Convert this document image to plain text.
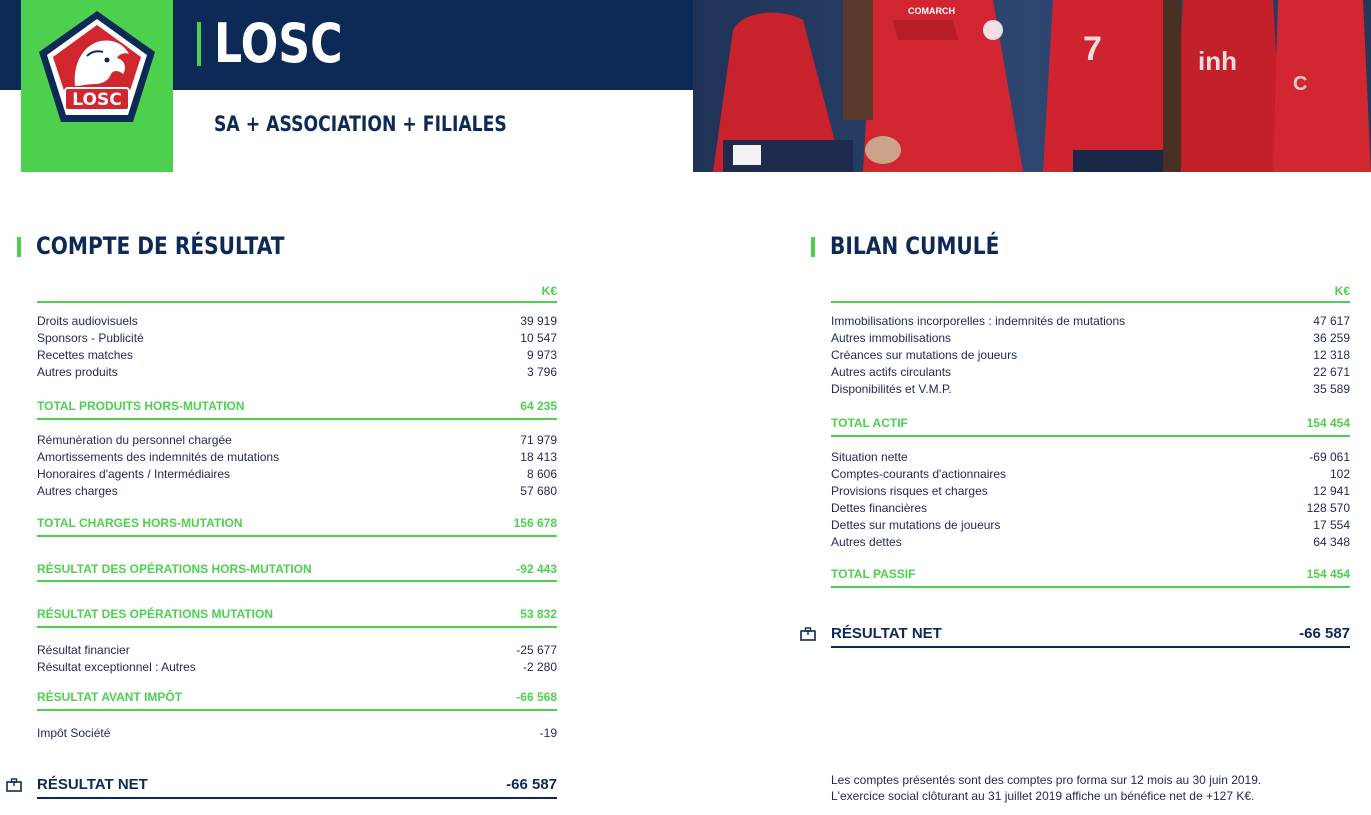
LOSC
LOSC
SA + ASSOCIATION + FILIALES
COMARCH
7	inh
C
COMPTE DE RÉSULTAT
K€
Droits audiovisuels	39 919
Sponsors - Publicité	10 547
Recettes matches	9 973
Autres produits	3 796
TOTAL PRODUITS HORS-MUTATION	64 235
Rémunération du personnel chargée	71 979
Amortissements des indemnités de mutations	18 413
Honoraires d'agents / Intermédiaires	8 606
Autres charges	57 680
TOTAL CHARGES HORS-MUTATION	156 678
RÉSULTAT DES OPÉRATIONS HORS-MUTATION	-92 443
RÉSULTAT DES OPÉRATIONS MUTATION	53 832
Résultat financier	-25 677
Résultat exceptionnel : Autres	-2 280
RÉSULTAT AVANT IMPÔT	-66 568
Impôt Société	-19
RÉSULTAT NET	-66 587
BILAN CUMULÉ
K€
Immobilisations incorporelles : indemnités de mutations	47 617
Autres immobilisations	36 259
Créances sur mutations de joueurs	12 318
Autres actifs circulants	22 671
Disponibilités et V.M.P.	35 589
TOTAL ACTIF	154 454
Situation nette	-69 061
Comptes-courants d'actionnaires	102
Provisions risques et charges	12 941
Dettes financières	128 570
Dettes sur mutations de joueurs	17 554
Autres dettes	64 348
TOTAL PASSIF	154 454
RÉSULTAT NET	-66 587
Les comptes présentés sont des comptes pro forma sur 12 mois au 30 juin 2019.
L'exercice social clôturant au 31 juillet 2019 affiche un bénéfice net de +127 K€.
